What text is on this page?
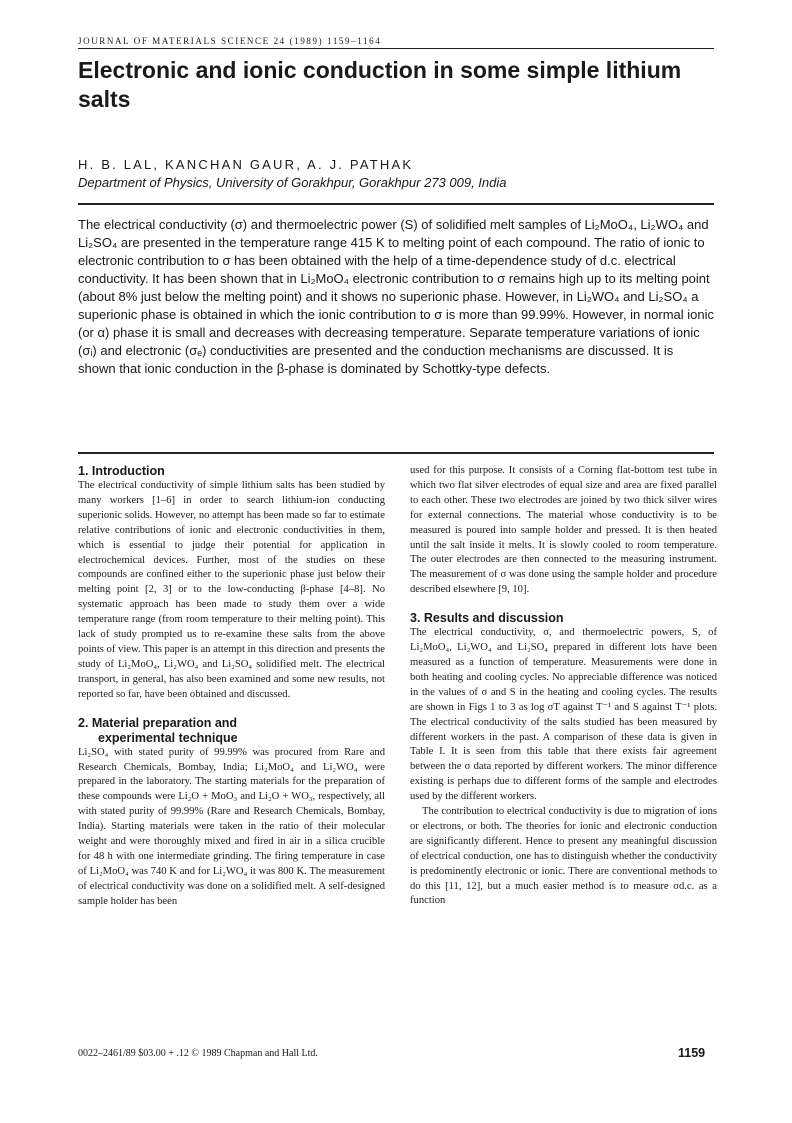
JOURNAL OF MATERIALS SCIENCE 24 (1989) 1159–1164
Electronic and ionic conduction in some simple lithium salts
H. B. LAL, KANCHAN GAUR, A. J. PATHAK
Department of Physics, University of Gorakhpur, Gorakhpur 273 009, India

The electrical conductivity (σ) and thermoelectric power (S) of solidified melt samples of Li₂MoO₄, Li₂WO₄ and Li₂SO₄ are presented in the temperature range 415 K to melting point of each compound. The ratio of ionic to electronic contribution to σ has been obtained with the help of a time-dependence study of d.c. electrical conductivity. It has been shown that in Li₂MoO₄ electronic contribution to σ remains high up to its melting point (about 8% just below the melting point) and it shows no superionic phase. However, in Li₂WO₄ and Li₂SO₄ a superionic phase is obtained in which the ionic contribution to σ is more than 99.99%. However, in normal ionic (or α) phase it is small and decreases with decreasing temperature. Separate temperature variations of ionic (σᵢ) and electronic (σₑ) conductivities are presented and the conduction mechanisms are discussed. It is shown that ionic conduction in the β-phase is dominated by Schottky-type defects.

1. Introduction

The electrical conductivity of simple lithium salts has been studied by many workers [1–6] in order to search lithium-ion conducting superionic solids. However, no attempt has been made so far to estimate relative contributions of ionic and electronic conductivities in them, which is essential to judge their potential for application in electrochemical devices. Further, most of the studies on these compounds are confined either to the superionic phase just below their melting point [2, 3] or to the low-conducting β-phase [4–8]. No systematic approach has been made to study them over a wide temperature range (from room temperature to their melting point). This lack of study prompted us to re-examine these salts from the above points of view. This paper is an attempt in this direction and presents the study of Li₂MoO₄, Li₂WO₄ and Li₂SO₄ solidified melt. The electrical transport, in general, has also been examined and some new results, not reported so far, have been obtained and discussed.

2. Material preparation and
experimental technique

Li₂SO₄ with stated purity of 99.99% was procured from Rare and Research Chemicals, Bombay, India; Li₂MoO₄ and Li₂WO₄ were prepared in the laboratory. The starting materials for the preparation of these compounds were Li₂O + MoO₃ and Li₂O + WO₃, respectively, all with stated purity of 99.99% (Rare and Research Chemicals, Bombay, India). Starting materials were taken in the ratio of their molecular weight and were thoroughly mixed and fired in air in a silica crucible for 48 h with one intermediate grinding. The firing temperature in case of Li₂MoO₄ was 740 K and for Li₂WO₄ it was 800 K. The measurement of electrical conductivity was done on a solidified melt. A self-designed sample holder has been

used for this purpose. It consists of a Corning flat-bottom test tube in which two flat silver electrodes of equal size and area are fixed parallel to each other. These two electrodes are joined by two thick silver wires for external connections. The material whose conductivity is to be measured is poured into sample holder and pressed. It is then heated until the salt inside it melts. It is slowly cooled to room temperature. The outer electrodes are then connected to the measuring instrument. The measurement of σ was done using the sample holder and procedure described elsewhere [9, 10].

3. Results and discussion

The electrical conductivity, σ, and thermoelectric powers, S, of Li₂MoO₄, Li₂WO₄ and Li₂SO₄ prepared in different lots have been measured as a function of temperature. Measurements were done in both heating and cooling cycles. No appreciable difference was noticed in the values of σ and S in the heating and cooling cycles. The results are shown in Figs 1 to 3 as log σT against T⁻¹ and S against T⁻¹ plots. The electrical conductivity of the salts studied has been measured by different workers in the past. A comparison of these data is given in Table I. It is seen from this table that there exists fair agreement between the σ data reported by different workers. The minor difference existing is perhaps due to different forms of the sample and electrodes used by the different workers.

The contribution to electrical conductivity is due to migration of ions or electrons, or both. The theories for ionic and electronic conduction are significantly different. Hence to present any meaningful discussion of electrical conduction, one has to distinguish whether the conductivity is predominently electronic or ionic. There are conventional methods to do this [11, 12], but a much easier method is to measure σd.c. as a function

0022–2461/89 $03.00 + .12 © 1989 Chapman and Hall Ltd.	1159
